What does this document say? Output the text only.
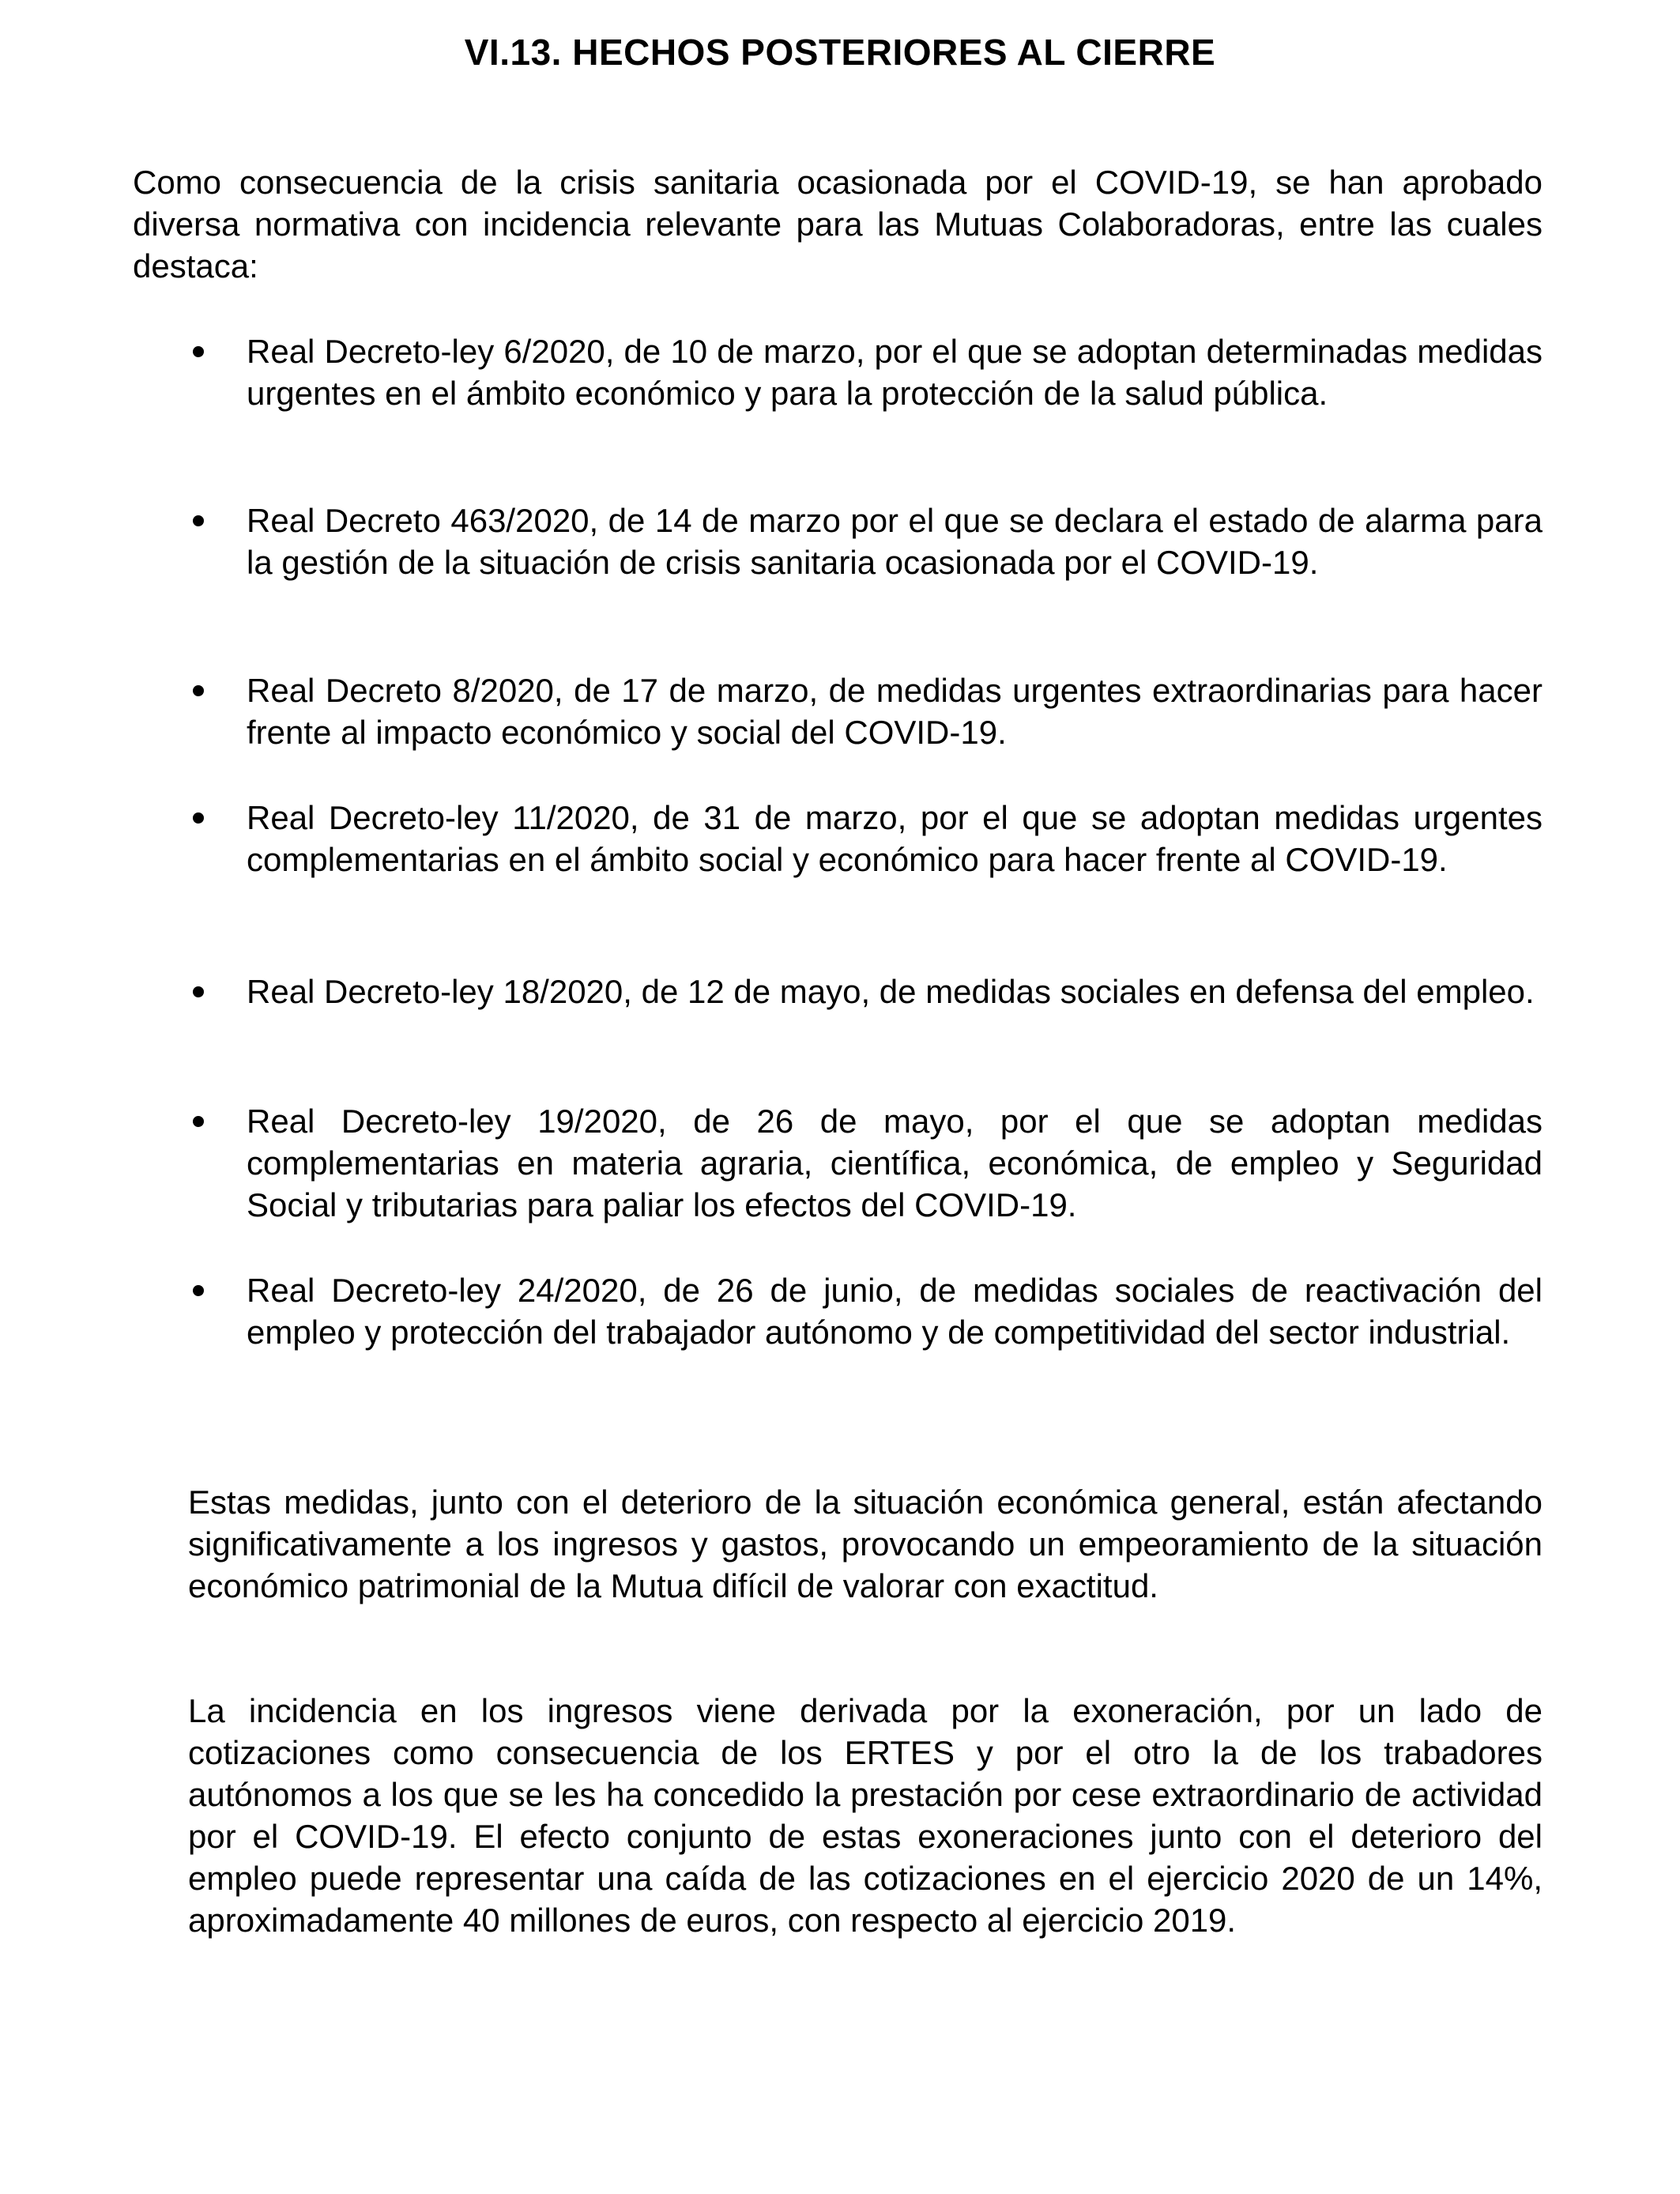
VI.13. HECHOS POSTERIORES AL CIERRE

Como consecuencia de la crisis sanitaria ocasionada por el COVID-19, se han aprobado diversa normativa con incidencia relevante para las Mutuas Colaboradoras, entre las cuales destaca:

Real Decreto-ley 6/2020, de 10 de marzo, por el que se adoptan determinadas medidas urgentes en el ámbito económico y para la protección de la salud pública.
Real Decreto 463/2020, de 14 de marzo por el que se declara el estado de alarma para la gestión de la situación de crisis sanitaria ocasionada por el COVID-19.
Real Decreto 8/2020, de 17 de marzo, de medidas urgentes extraordinarias para hacer frente al impacto económico y social del COVID-19.
Real Decreto-ley 11/2020, de 31 de marzo, por el que se adoptan medidas urgentes complementarias en el ámbito social y económico para hacer frente al COVID-19.
Real Decreto-ley 18/2020, de 12 de mayo, de medidas sociales en defensa del empleo.
Real Decreto-ley 19/2020, de 26 de mayo, por el que se adoptan medidas complementarias en materia agraria, científica, económica, de empleo y Seguridad Social y tributarias para paliar los efectos del COVID-19.
Real Decreto-ley 24/2020, de 26 de junio, de medidas sociales de reactivación del empleo y protección del trabajador autónomo y de competitividad del sector industrial.

Estas medidas, junto con el deterioro de la situación económica general, están afectando significativamente a los ingresos y gastos, provocando un empeoramiento de la situación económico patrimonial de la Mutua difícil de valorar con exactitud.

La incidencia en los ingresos viene derivada por la exoneración, por un lado de cotizaciones como consecuencia de los ERTES y por el otro la de los trabadores autónomos a los que se les ha concedido la prestación por cese extraordinario de actividad por el COVID-19. El efecto conjunto de estas exoneraciones junto con el deterioro del empleo puede representar una caída de las cotizaciones en el ejercicio 2020 de un 14%, aproximadamente 40 millones de euros, con respecto al ejercicio 2019.
